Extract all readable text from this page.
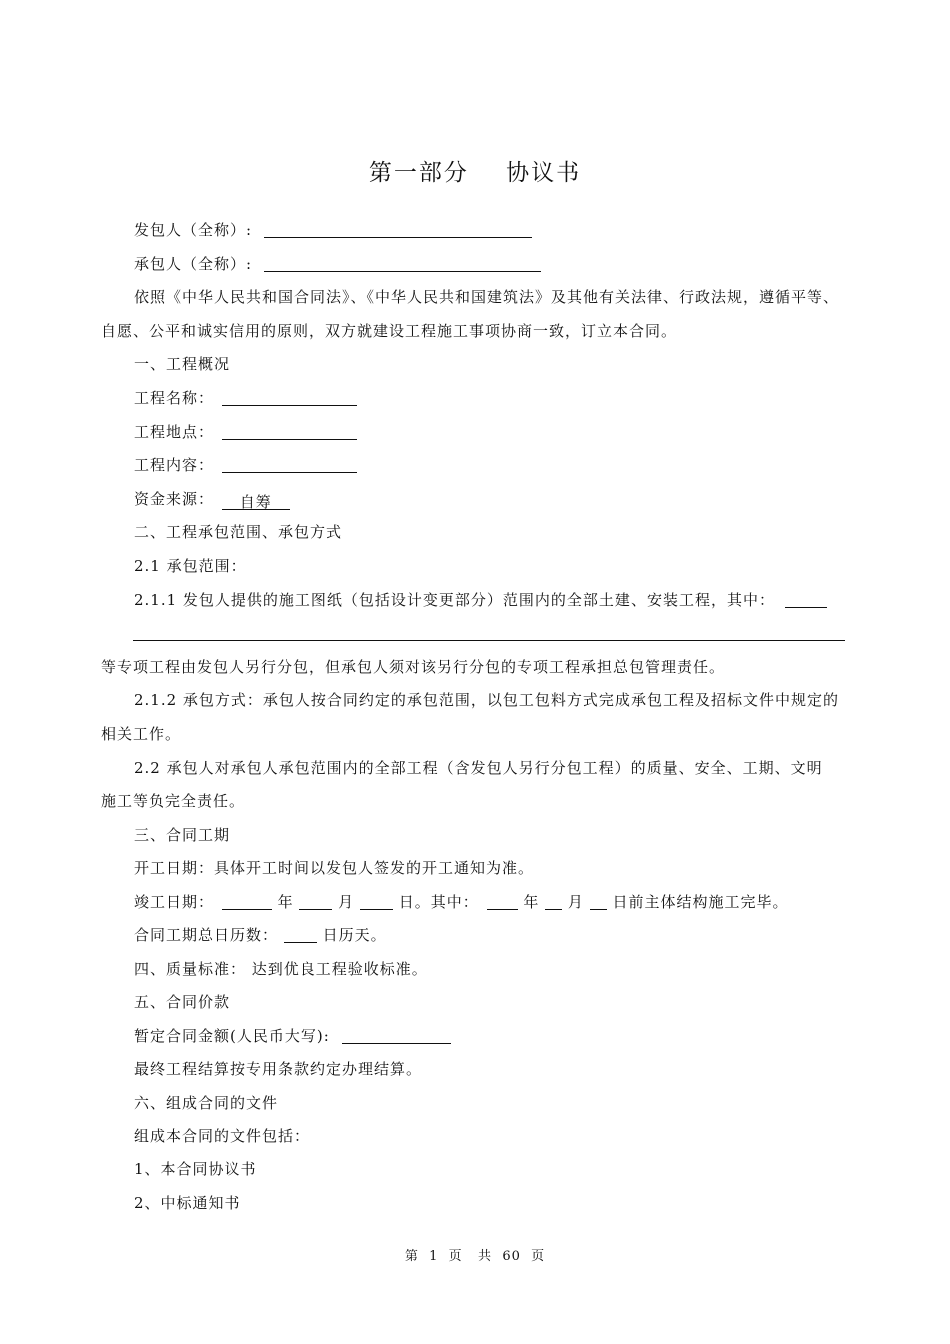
第一部分    协议书
发包人（全称）:
承包人（全称）:
依照《中华人民共和国合同法》、《中华人民共和国建筑法》及其他有关法律、行政法规，遵循平等、
自愿、公平和诚实信用的原则，双方就建设工程施工事项协商一致，订立本合同。
一、工程概况
工程名称：
工程地点：
工程内容：
资金来源： 自筹
二、工程承包范围、承包方式
2.1 承包范围：
2.1.1 发包人提供的施工图纸（包括设计变更部分）范围内的全部土建、安装工程，其中：
等专项工程由发包人另行分包，但承包人须对该另行分包的专项工程承担总包管理责任。
2.1.2 承包方式：承包人按合同约定的承包范围，以包工包料方式完成承包工程及招标文件中规定的
相关工作。
2.2 承包人对承包人承包范围内的全部工程（含发包人另行分包工程）的质量、安全、工期、文明
施工等负完全责任。
三、合同工期
开工日期：具体开工时间以发包人签发的开工通知为准。
竣工日期：	年	月	日。其中：	年 月 日前主体结构施工完毕。
合同工期总日历数：	日历天。
四、质量标准： 达到优良工程验收标准。
五、合同价款
暂定合同金额(人民币大写):
最终工程结算按专用条款约定办理结算。
六、组成合同的文件
组成本合同的文件包括：
1、本合同协议书
2、中标通知书
第  1  页   共  60  页
